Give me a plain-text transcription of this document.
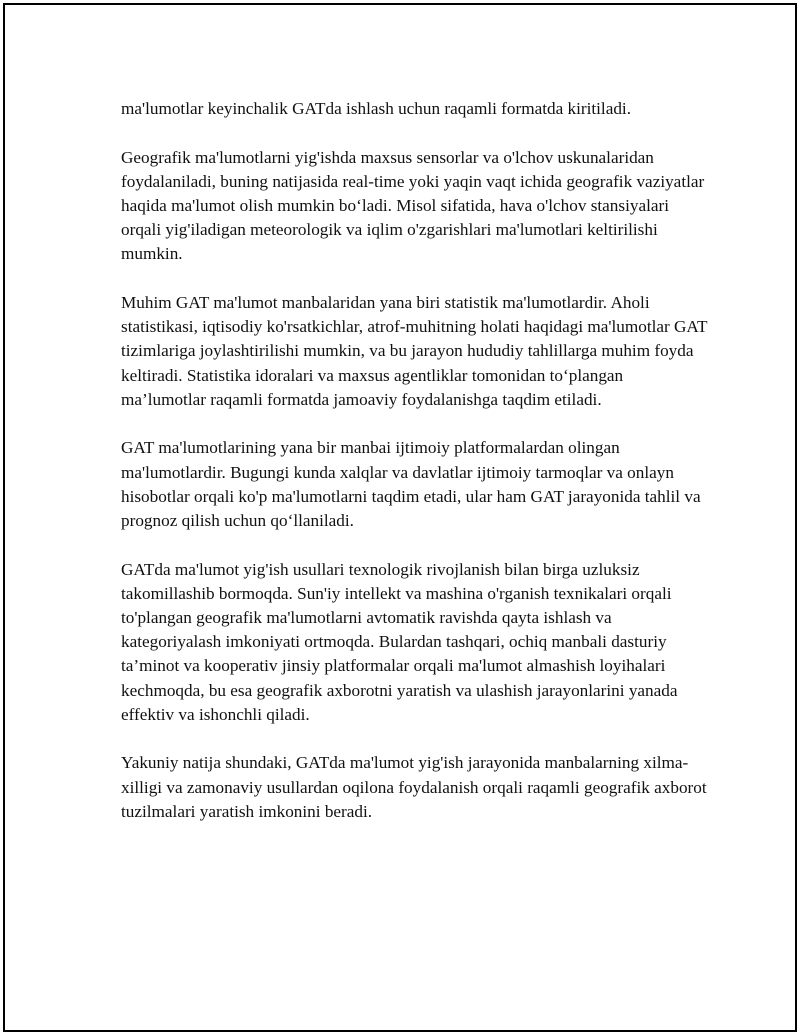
ma'lumotlar keyinchalik GATda ishlash uchun raqamli formatda kiritiladi.

Geografik ma'lumotlarni yig'ishda maxsus sensorlar va o'lchov uskunalaridan foydalaniladi, buning natijasida real-time yoki yaqin vaqt ichida geografik vaziyatlar haqida ma'lumot olish mumkin bo‘ladi. Misol sifatida, hava o'lchov stansiyalari orqali yig'iladigan meteorologik va iqlim o'zgarishlari ma'lumotlari keltirilishi mumkin.

Muhim GAT ma'lumot manbalaridan yana biri statistik ma'lumotlardir. Aholi statistikasi, iqtisodiy ko'rsatkichlar, atrof-muhitning holati haqidagi ma'lumotlar GAT tizimlariga joylashtirilishi mumkin, va bu jarayon hududiy tahlillarga muhim foyda keltiradi. Statistika idoralari va maxsus agentliklar tomonidan to‘plangan ma’lumotlar raqamli formatda jamoaviy foydalanishga taqdim etiladi.

GAT ma'lumotlarining yana bir manbai ijtimoiy platformalardan olingan ma'lumotlardir. Bugungi kunda xalqlar va davlatlar ijtimoiy tarmoqlar va onlayn hisobotlar orqali ko'p ma'lumotlarni taqdim etadi, ular ham GAT jarayonida tahlil va prognoz qilish uchun qo‘llaniladi.

GATda ma'lumot yig'ish usullari texnologik rivojlanish bilan birga uzluksiz takomillashib bormoqda. Sun'iy intellekt va mashina o'rganish texnikalari orqali to'plangan geografik ma'lumotlarni avtomatik ravishda qayta ishlash va kategoriyalash imkoniyati ortmoqda. Bulardan tashqari, ochiq manbali dasturiy ta’minot va kooperativ jinsiy platformalar orqali ma'lumot almashish loyihalari kechmoqda, bu esa geografik axborotni yaratish va ulashish jarayonlarini yanada effektiv va ishonchli qiladi.

Yakuniy natija shundaki, GATda ma'lumot yig'ish jarayonida manbalarning xilma-xilligi va zamonaviy usullardan oqilona foydalanish orqali raqamli geografik axborot tuzilmalari yaratish imkonini beradi.
